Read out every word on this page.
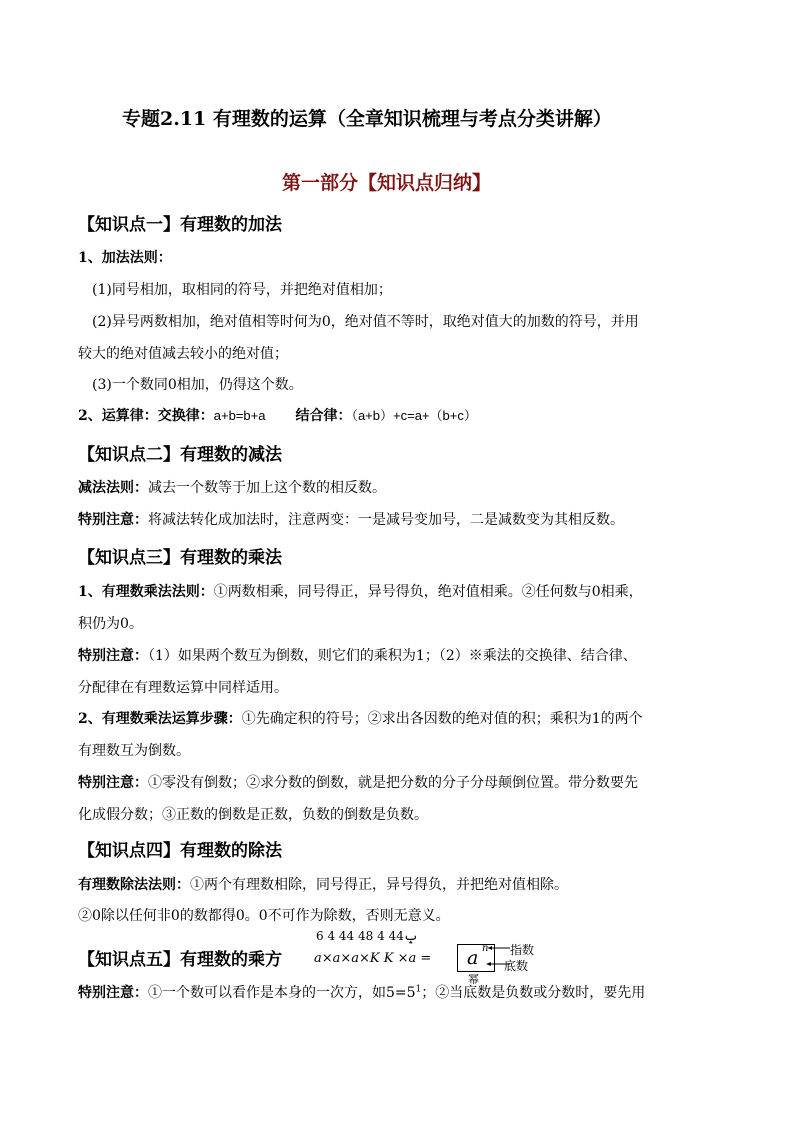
专题2.11 有理数的运算（全章知识梳理与考点分类讲解）
第一部分【知识点归纳】
【知识点一】有理数的加法
1、加法法则：
(1)同号相加，取相同的符号，并把绝对值相加；
(2)异号两数相加，绝对值相等时何为0，绝对值不等时，取绝对值大的加数的符号，并用
较大的绝对值减去较小的绝对值；
(3)一个数同0相加，仍得这个数。
2、运算律：交换律：a+b=b+a 结合律：（a+b）+c=a+（b+c）
【知识点二】有理数的减法
减法法则：减去一个数等于加上这个数的相反数。
特别注意：将减法转化成加法时，注意两变：一是减号变加号，二是减数变为其相反数。
【知识点三】有理数的乘法
1、有理数乘法法则：①两数相乘，同号得正，异号得负，绝对值相乘。②任何数与0相乘，
积仍为0。
特别注意：（1）如果两个数互为倒数，则它们的乘积为1；（2）※乘法的交换律、结合律、
分配律在有理数运算中同样适用。
2、有理数乘法运算步骤：①先确定积的符号；②求出各因数的绝对值的积；乘积为1的两个
有理数互为倒数。
特别注意：①零没有倒数；②求分数的倒数，就是把分数的分子分母颠倒位置。带分数要先
化成假分数；③正数的倒数是正数，负数的倒数是负数。
【知识点四】有理数的除法
有理数除法法则：①两个有理数相除，同号得正，异号得负，并把绝对值相除。
②0除以任何非0的数都得0。0不可作为除数，否则无意义。
【知识点五】有理数的乘方
6 4 44 ݒ44 4 48
a×a×a×K K ×a = a n 指数
底数
幂
特别注意：①一个数可以看作是本身的一次方，如$5=5^1$；②当底数是负数或分数时，要先用
